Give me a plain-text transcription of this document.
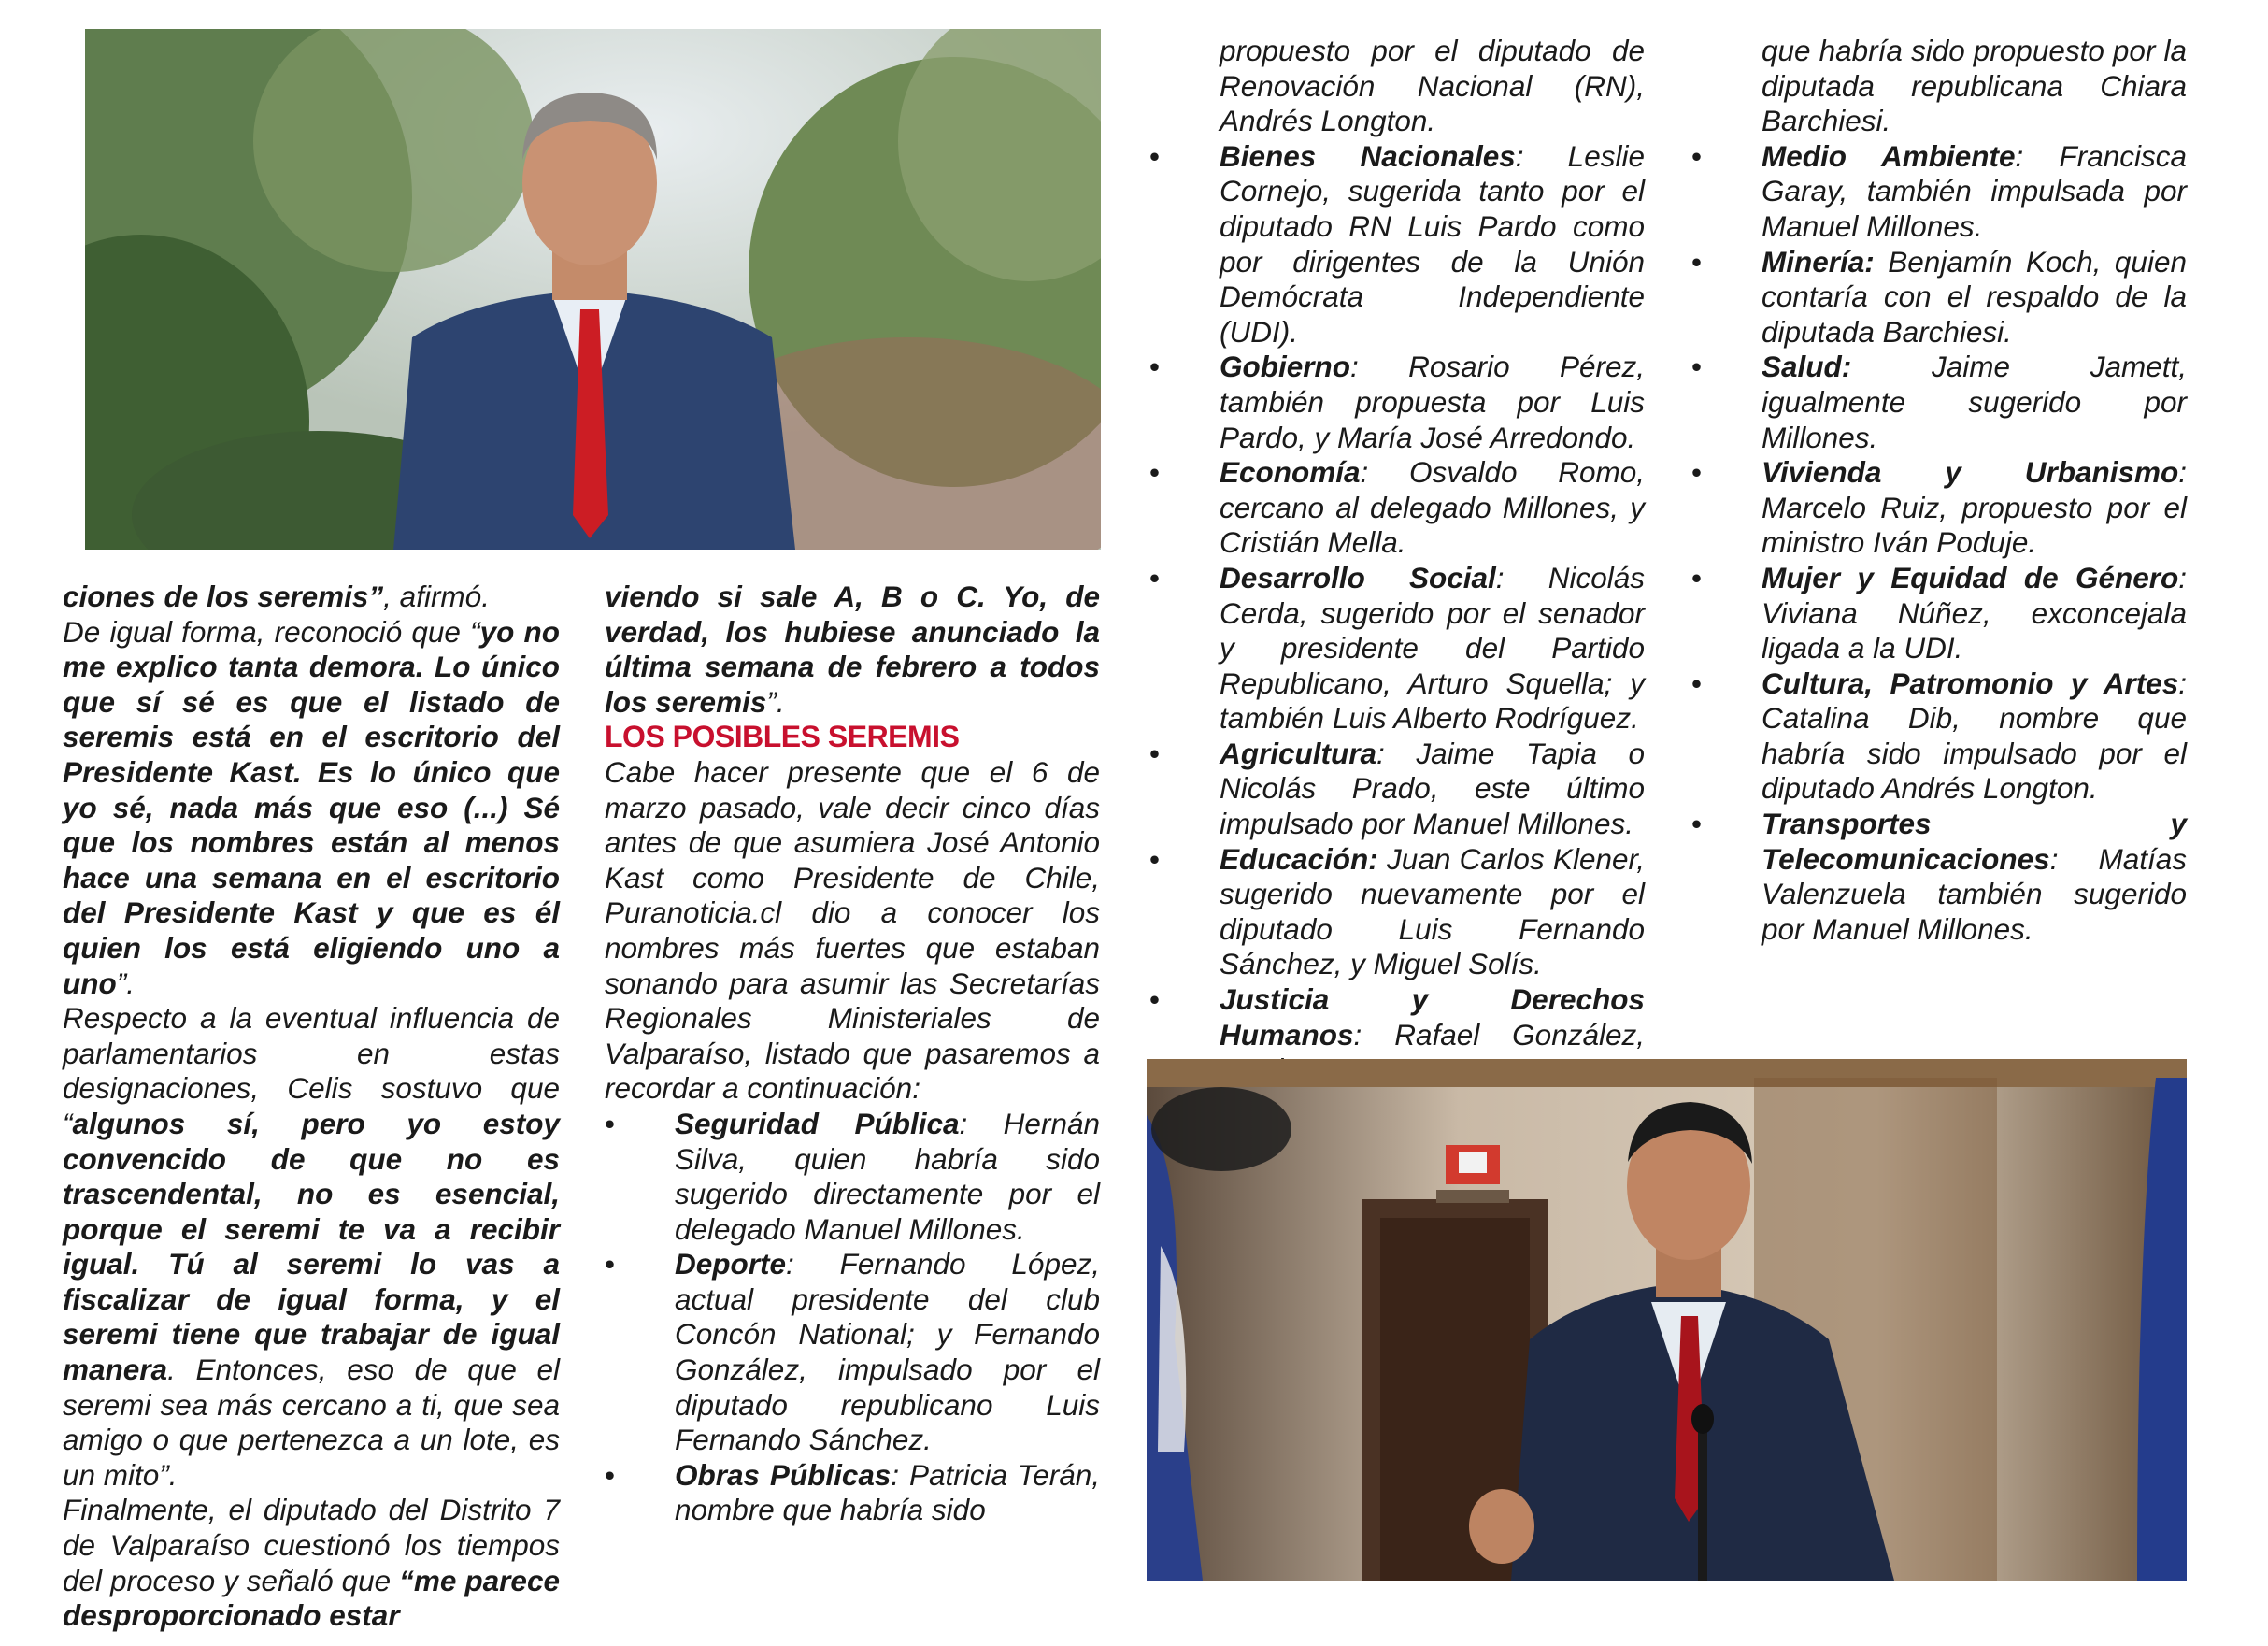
ciones de los seremis”, afirmó.

De igual forma, reconoció que “yo no me explico tanta demora. Lo único que sí sé es que el listado de seremis está en el escritorio del Presidente Kast. Es lo único que yo sé, nada más que eso (...) Sé que los nombres están al menos hace una semana en el escritorio del Presidente Kast y que es él quien los está eligiendo uno a uno”.

Respecto a la eventual influencia de parlamentarios en estas designaciones, Celis sostuvo que “algunos sí, pero yo estoy convencido de que no es trascendental, no es esencial, porque el seremi te va a recibir igual. Tú al seremi lo vas a fiscalizar de igual forma, y el seremi tiene que trabajar de igual manera. Entonces, eso de que el seremi sea más cercano a ti, que sea amigo o que pertenezca a un lote, es un mito”.

Finalmente, el diputado del Distrito 7 de Valparaíso cuestionó los tiempos del proceso y señaló que “me parece desproporcionado estar

viendo si sale A, B o C. Yo, de verdad, los hubiese anunciado la última semana de febrero a todos los seremis”.

LOS POSIBLES SEREMIS

Cabe hacer presente que el 6 de marzo pasado, vale decir cinco días antes de que asumiera José Antonio Kast como Presidente de Chile, Puranoticia.cl dio a conocer los nombres más fuertes que estaban sonando para asumir las Secretarías Regionales Ministeriales de Valparaíso, listado que pasaremos a recordar a continuación:

• Seguridad Pública: Hernán Silva, quien habría sido sugerido directamente por el delegado Manuel Millones.
• Deporte: Fernando López, actual presidente del club Concón National; y Fernando González, impulsado por el diputado republicano Luis Fernando Sánchez.
• Obras Públicas: Patricia Terán, nombre que habría sido
propuesto por el diputado de Renovación Nacional (RN), Andrés Longton.
• Bienes Nacionales: Leslie Cornejo, sugerida tanto por el diputado RN Luis Pardo como por dirigentes de la Unión Demócrata Independiente (UDI).
• Gobierno: Rosario Pérez, también propuesta por Luis Pardo, y María José Arredondo.
• Economía: Osvaldo Romo, cercano al delegado Millones, y Cristián Mella.
• Desarrollo Social: Nicolás Cerda, sugerido por el senador y presidente del Partido Republicano, Arturo Squella; y también Luis Alberto Rodríguez.
• Agricultura: Jaime Tapia o Nicolás Prado, este último impulsado por Manuel Millones.
• Educación: Juan Carlos Klener, sugerido nuevamente por el diputado Luis Fernando Sánchez, y Miguel Solís.
• Justicia y Derechos Humanos: Rafael González,
que habría sido propuesto por la diputada republicana Chiara Barchiesi.
• Medio Ambiente: Francisca Garay, también impulsada por Manuel Millones.
• Minería: Benjamín Koch, quien contaría con el respaldo de la diputada Barchiesi.
• Salud: Jaime Jamett, igualmente sugerido por Millones.
• Vivienda y Urbanismo: Marcelo Ruiz, propuesto por el ministro Iván Poduje.
• Mujer y Equidad de Género: Viviana Núñez, exconcejala ligada a la UDI.
• Cultura, Patromonio y Artes: Catalina Dib, nombre que habría sido impulsado por el diputado Andrés Longton.
• Transportes y Telecomunicaciones: Matías Valenzuela también sugerido por Manuel Millones.
